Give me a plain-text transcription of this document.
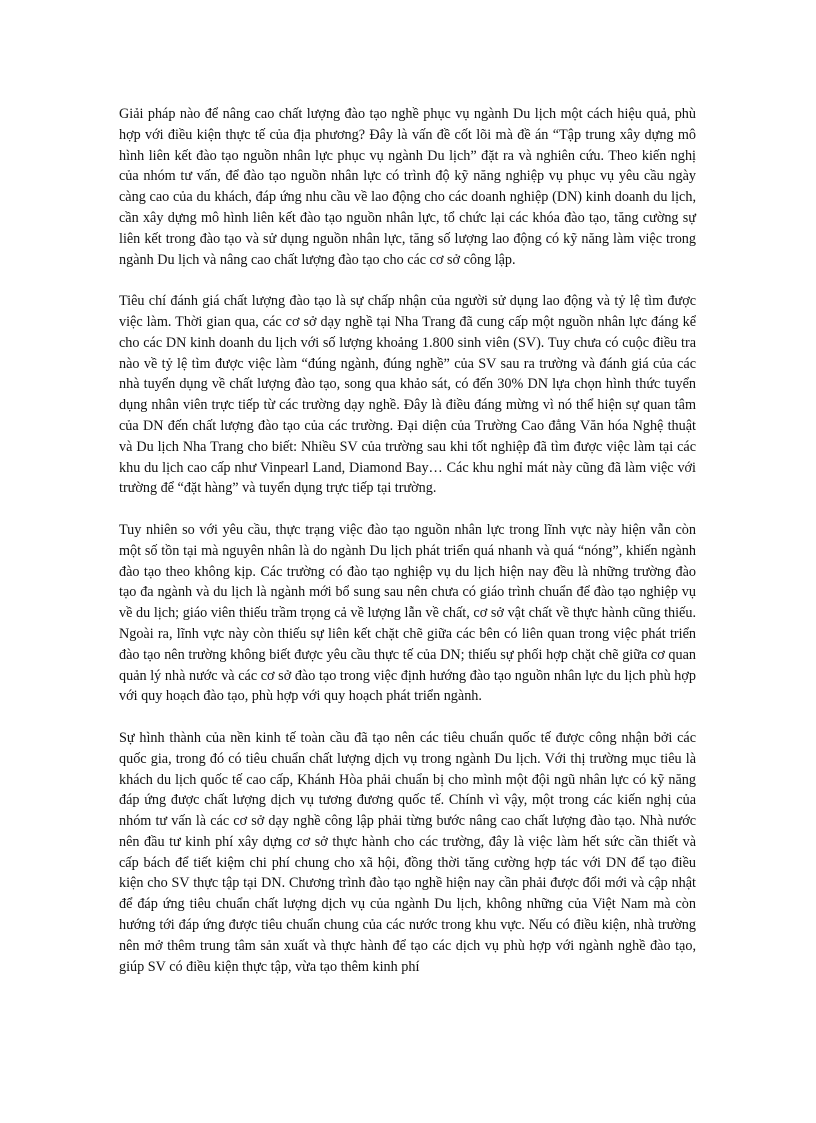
Giải pháp nào để nâng cao chất lượng đào tạo nghề phục vụ ngành Du lịch một cách hiệu quả, phù hợp với điều kiện thực tế của địa phương? Đây là vấn đề cốt lõi mà đề án “Tập trung xây dựng mô hình liên kết đào tạo nguồn nhân lực phục vụ ngành Du lịch” đặt ra và nghiên cứu. Theo kiến nghị của nhóm tư vấn, để đào tạo nguồn nhân lực có trình độ kỹ năng nghiệp vụ phục vụ yêu cầu ngày càng cao của du khách, đáp ứng nhu cầu về lao động cho các doanh nghiệp (DN) kinh doanh du lịch, cần xây dựng mô hình liên kết đào tạo nguồn nhân lực, tổ chức lại các khóa đào tạo, tăng cường sự liên kết trong đào tạo và sử dụng nguồn nhân lực, tăng số lượng lao động có kỹ năng làm việc trong ngành Du lịch và nâng cao chất lượng đào tạo cho các cơ sở công lập.

Tiêu chí đánh giá chất lượng đào tạo là sự chấp nhận của người sử dụng lao động và tỷ lệ tìm được việc làm. Thời gian qua, các cơ sở dạy nghề tại Nha Trang đã cung cấp một nguồn nhân lực đáng kể cho các DN kinh doanh du lịch với số lượng khoảng 1.800 sinh viên (SV). Tuy chưa có cuộc điều tra nào về tỷ lệ tìm được việc làm “đúng ngành, đúng nghề” của SV sau ra trường và đánh giá của các nhà tuyển dụng về chất lượng đào tạo, song qua khảo sát, có đến 30% DN lựa chọn hình thức tuyển dụng nhân viên trực tiếp từ các trường dạy nghề. Đây là điều đáng mừng vì nó thể hiện sự quan tâm của DN đến chất lượng đào tạo của các trường. Đại diện của Trường Cao đẳng Văn hóa Nghệ thuật và Du lịch Nha Trang cho biết: Nhiều SV của trường sau khi tốt nghiệp đã tìm được việc làm tại các khu du lịch cao cấp như Vinpearl Land, Diamond Bay… Các khu nghỉ mát này cũng đã làm việc với trường để “đặt hàng” và tuyển dụng trực tiếp tại trường.

Tuy nhiên so với yêu cầu, thực trạng việc đào tạo nguồn nhân lực trong lĩnh vực này hiện vẫn còn một số tồn tại mà nguyên nhân là do ngành Du lịch phát triển quá nhanh và quá “nóng”, khiến ngành đào tạo theo không kịp. Các trường có đào tạo nghiệp vụ du lịch hiện nay đều là những trường đào tạo đa ngành và du lịch là ngành mới bổ sung sau nên chưa có giáo trình chuẩn để đào tạo nghiệp vụ về du lịch; giáo viên thiếu trầm trọng cả về lượng lẫn về chất, cơ sở vật chất về thực hành cũng thiếu. Ngoài ra, lĩnh vực này còn thiếu sự liên kết chặt chẽ giữa các bên có liên quan trong việc phát triển đào tạo nên trường không biết được yêu cầu thực tế của DN; thiếu sự phối hợp chặt chẽ giữa cơ quan quản lý nhà nước và các cơ sở đào tạo trong việc định hướng đào tạo nguồn nhân lực du lịch phù hợp với quy hoạch đào tạo, phù hợp với quy hoạch phát triển ngành.

Sự hình thành của nền kinh tế toàn cầu đã tạo nên các tiêu chuẩn quốc tế được công nhận bởi các quốc gia, trong đó có tiêu chuẩn chất lượng dịch vụ trong ngành Du lịch. Với thị trường mục tiêu là khách du lịch quốc tế cao cấp, Khánh Hòa phải chuẩn bị cho mình một đội ngũ nhân lực có kỹ năng đáp ứng được chất lượng dịch vụ tương đương quốc tế. Chính vì vậy, một trong các kiến nghị của nhóm tư vấn là các cơ sở dạy nghề công lập phải từng bước nâng cao chất lượng đào tạo. Nhà nước nên đầu tư kinh phí xây dựng cơ sở thực hành cho các trường, đây là việc làm hết sức cần thiết và cấp bách để tiết kiệm chi phí chung cho xã hội, đồng thời tăng cường hợp tác với DN để tạo điều kiện cho SV thực tập tại DN. Chương trình đào tạo nghề hiện nay cần phải được đổi mới và cập nhật để đáp ứng tiêu chuẩn chất lượng dịch vụ của ngành Du lịch, không những của Việt Nam mà còn hướng tới đáp ứng được tiêu chuẩn chung của các nước trong khu vực. Nếu có điều kiện, nhà trường nên mở thêm trung tâm sản xuất và thực hành để tạo các dịch vụ phù hợp với ngành nghề đào tạo, giúp SV có điều kiện thực tập, vừa tạo thêm kinh phí
